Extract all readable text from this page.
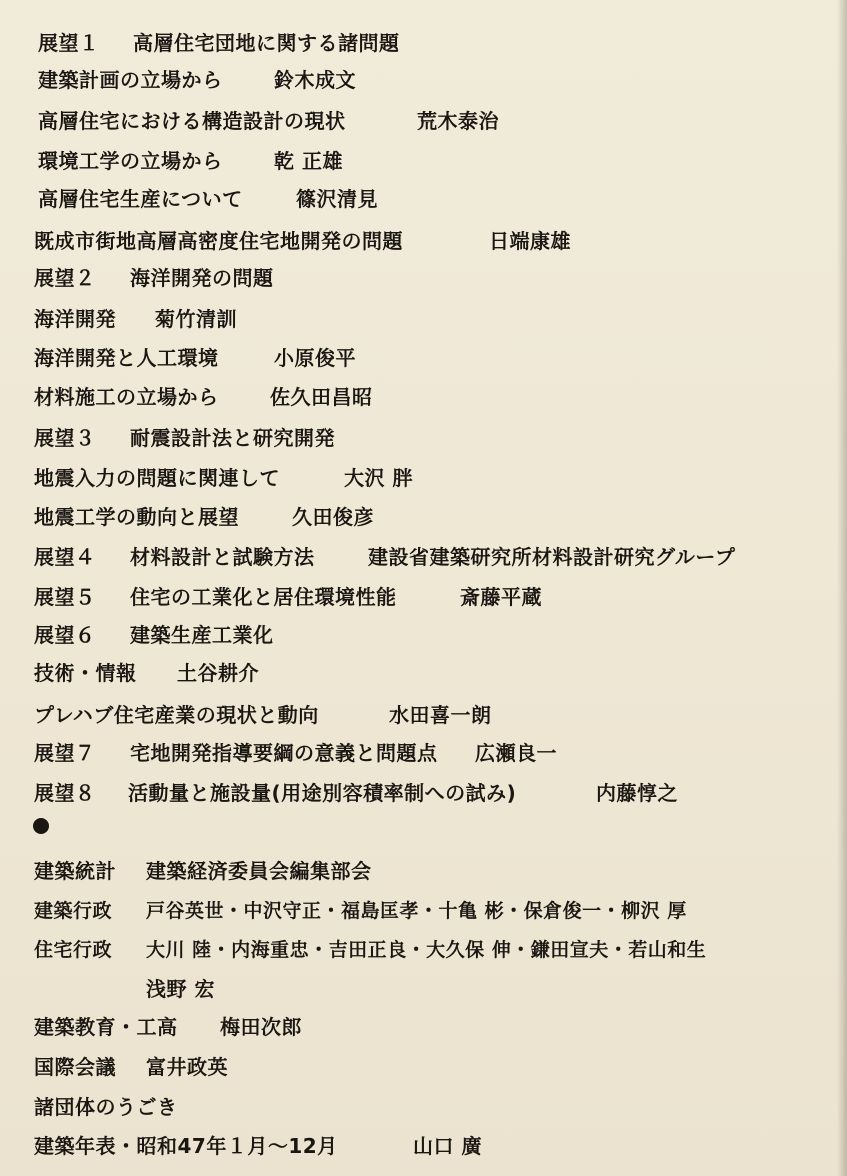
展望１ 高層住宅団地に関する諸問題
建築計画の立場から	鈴木成文
高層住宅における構造設計の現状	荒木泰治
環境工学の立場から	乾 正雄
高層住宅生産について	篠沢清見
既成市街地高層高密度住宅地開発の問題	日端康雄
展望２ 海洋開発の問題
海洋開発 菊竹清訓
海洋開発と人工環境	小原俊平
材料施工の立場から	佐久田昌昭
展望３ 耐震設計法と研究開発
地震入力の問題に関連して	大沢 胖
地震工学の動向と展望	久田俊彦
展望４ 材料設計と試験方法	建設省建築研究所材料設計研究グループ
展望５ 住宅の工業化と居住環境性能	斎藤平蔵
展望６ 建築生産工業化
技術・情報 土谷耕介
プレハブ住宅産業の現状と動向	水田喜一朗
展望７ 宅地開発指導要綱の意義と問題点 広瀬良一
展望８ 活動量と施設量(用途別容積率制への試み)	内藤惇之
建築統計 建築経済委員会編集部会
建築行政 戸谷英世・中沢守正・福島匡孝・十亀 彬・保倉俊一・柳沢 厚
住宅行政 大川 陸・内海重忠・吉田正良・大久保 伸・鎌田宣夫・若山和生
浅野 宏
建築教育・工高 梅田次郎
国際会議 富井政英
諸団体のうごき
建築年表・昭和47年１月～12月	山口 廣
